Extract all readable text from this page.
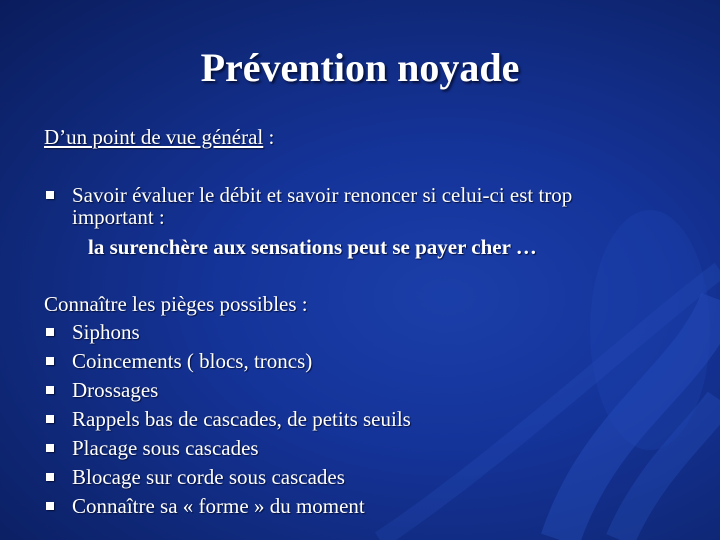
Prévention noyade
D’un point de vue général :
Savoir évaluer le débit et savoir renoncer si celui-ci est trop
important :
la surenchère aux sensations peut se payer cher …
Connaître les pièges possibles :
Siphons
Coincements ( blocs, troncs)
Drossages
Rappels bas de cascades, de petits seuils
Placage sous cascades
Blocage sur corde sous cascades
Connaître sa « forme » du moment
